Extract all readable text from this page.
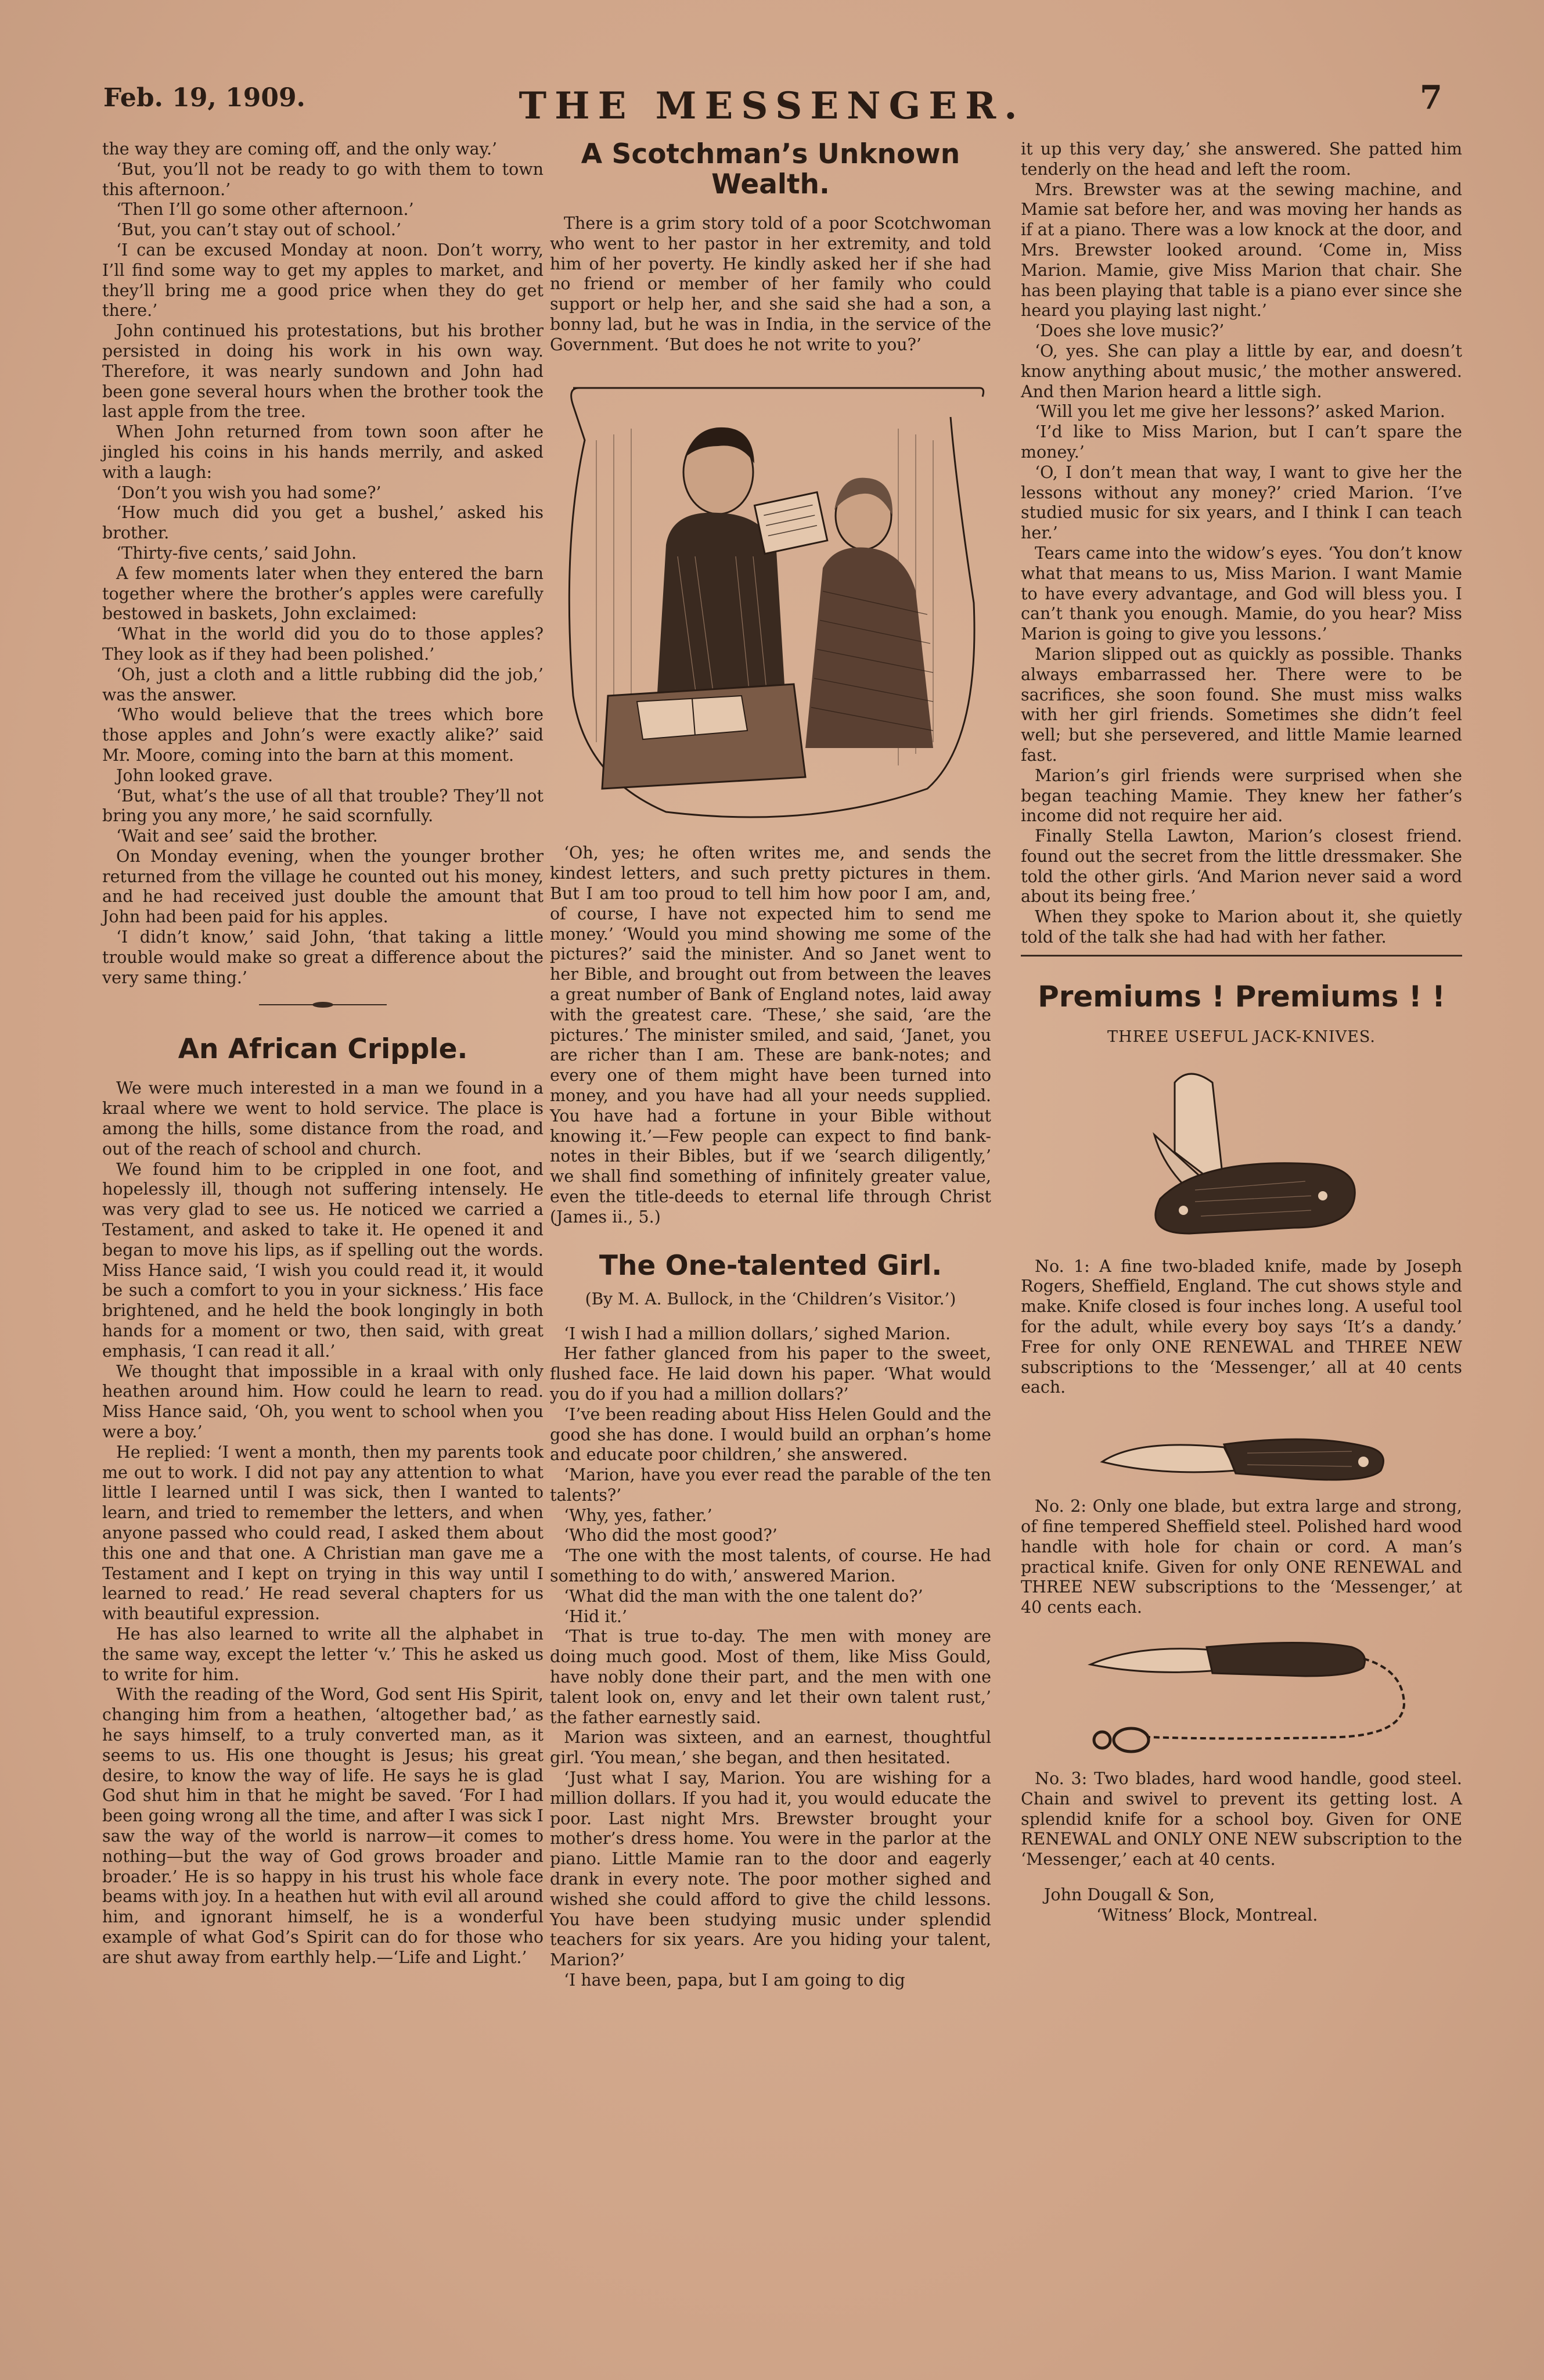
Feb. 19, 1909.	THE MESSENGER.	7

the way they are coming off, and the only way.’

‘But, you’ll not be ready to go with them to town this afternoon.’

‘Then I’ll go some other afternoon.’

‘But, you can’t stay out of school.’

‘I can be excused Monday at noon. Don’t worry, I’ll find some way to get my apples to market, and they’ll bring me a good price when they do get there.’

John continued his protestations, but his brother persisted in doing his work in his own way. Therefore, it was nearly sundown and John had been gone several hours when the brother took the last apple from the tree.

When John returned from town soon after he jingled his coins in his hands merrily, and asked with a laugh:

‘Don’t you wish you had some?’

‘How much did you get a bushel,’ asked his brother.

‘Thirty-five cents,’ said John.

A few moments later when they entered the barn together where the brother’s apples were carefully bestowed in baskets, John exclaimed:

‘What in the world did you do to those apples? They look as if they had been polished.’

‘Oh, just a cloth and a little rubbing did the job,’ was the answer.

‘Who would believe that the trees which bore those apples and John’s were exactly alike?’ said Mr. Moore, coming into the barn at this moment.

John looked grave.

‘But, what’s the use of all that trouble? They’ll not bring you any more,’ he said scornfully.

‘Wait and see’ said the brother.

On Monday evening, when the younger brother returned from the village he counted out his money, and he had received just double the amount that John had been paid for his apples.

‘I didn’t know,’ said John, ‘that taking a little trouble would make so great a difference about the very same thing.’

An African Cripple.

We were much interested in a man we found in a kraal where we went to hold service. The place is among the hills, some distance from the road, and out of the reach of school and church.

We found him to be crippled in one foot, and hopelessly ill, though not suffering intensely. He was very glad to see us. He noticed we carried a Testament, and asked to take it. He opened it and began to move his lips, as if spelling out the words. Miss Hance said, ‘I wish you could read it, it would be such a comfort to you in your sickness.’ His face brightened, and he held the book longingly in both hands for a moment or two, then said, with great emphasis, ‘I can read it all.’

We thought that impossible in a kraal with only heathen around him. How could he learn to read. Miss Hance said, ‘Oh, you went to school when you were a boy.’

He replied: ‘I went a month, then my parents took me out to work. I did not pay any attention to what little I learned until I was sick, then I wanted to learn, and tried to remember the letters, and when anyone passed who could read, I asked them about this one and that one. A Christian man gave me a Testament and I kept on trying in this way until I learned to read.’ He read several chapters for us with beautiful expression.

He has also learned to write all the alphabet in the same way, except the letter ‘v.’ This he asked us to write for him.

With the reading of the Word, God sent His Spirit, changing him from a heathen, ‘altogether bad,’ as he says himself, to a truly converted man, as it seems to us. His one thought is Jesus; his great desire, to know the way of life. He says he is glad God shut him in that he might be saved. ‘For I had been going wrong all the time, and after I was sick I saw the way of the world is narrow—it comes to nothing—but the way of God grows broader and broader.’ He is so happy in his trust his whole face beams with joy. In a heathen hut with evil all around him, and ignorant himself, he is a wonderful example of what God’s Spirit can do for those who are shut away from earthly help.—‘Life and Light.’

A Scotchman’s Unknown Wealth.

There is a grim story told of a poor Scotchwoman who went to her pastor in her extremity, and told him of her poverty. He kindly asked her if she had no friend or member of her family who could support or help her, and she said she had a son, a bonny lad, but he was in India, in the service of the Government. ‘But does he not write to you?’

‘Oh, yes; he often writes me, and sends the kindest letters, and such pretty pictures in them. But I am too proud to tell him how poor I am, and, of course, I have not expected him to send me money.’ ‘Would you mind showing me some of the pictures?’ said the minister. And so Janet went to her Bible, and brought out from between the leaves a great number of Bank of England notes, laid away with the greatest care. ‘These,’ she said, ‘are the pictures.’ The minister smiled, and said, ‘Janet, you are richer than I am. These are bank-notes; and every one of them might have been turned into money, and you have had all your needs supplied. You have had a fortune in your Bible without knowing it.’—Few people can expect to find bank-notes in their Bibles, but if we ‘search diligently,’ we shall find something of infinitely greater value, even the title-deeds to eternal life through Christ (James ii., 5.)

The One-talented Girl.
(By M. A. Bullock, in the ‘Children’s Visitor.’)

‘I wish I had a million dollars,’ sighed Marion.

Her father glanced from his paper to the sweet, flushed face. He laid down his paper. ‘What would you do if you had a million dollars?’

‘I’ve been reading about Hiss Helen Gould and the good she has done. I would build an orphan’s home and educate poor children,’ she answered.

‘Marion, have you ever read the parable of the ten talents?’

‘Why, yes, father.’

‘Who did the most good?’

‘The one with the most talents, of course. He had something to do with,’ answered Marion.

‘What did the man with the one talent do?’

‘Hid it.’

‘That is true to-day. The men with money are doing much good. Most of them, like Miss Gould, have nobly done their part, and the men with one talent look on, envy and let their own talent rust,’ the father earnestly said.

Marion was sixteen, and an earnest, thoughtful girl. ‘You mean,’ she began, and then hesitated.

‘Just what I say, Marion. You are wishing for a million dollars. If you had it, you would educate the poor. Last night Mrs. Brewster brought your mother’s dress home. You were in the parlor at the piano. Little Mamie ran to the door and eagerly drank in every note. The poor mother sighed and wished she could afford to give the child lessons. You have been studying music under splendid teachers for six years. Are you hiding your talent, Marion?’

‘I have been, papa, but I am going to dig

it up this very day,’ she answered. She patted him tenderly on the head and left the room.

Mrs. Brewster was at the sewing machine, and Mamie sat before her, and was moving her hands as if at a piano. There was a low knock at the door, and Mrs. Brewster looked around. ‘Come in, Miss Marion. Mamie, give Miss Marion that chair. She has been playing that table is a piano ever since she heard you playing last night.’

‘Does she love music?’

‘O, yes. She can play a little by ear, and doesn’t know anything about music,’ the mother answered. And then Marion heard a little sigh.

‘Will you let me give her lessons?’ asked Marion.

‘I’d like to Miss Marion, but I can’t spare the money.’

‘O, I don’t mean that way, I want to give her the lessons without any money?’ cried Marion. ‘I’ve studied music for six years, and I think I can teach her.’

Tears came into the widow’s eyes. ‘You don’t know what that means to us, Miss Marion. I want Mamie to have every advantage, and God will bless you. I can’t thank you enough. Mamie, do you hear? Miss Marion is going to give you lessons.’

Marion slipped out as quickly as possible. Thanks always embarrassed her. There were to be sacrifices, she soon found. She must miss walks with her girl friends. Sometimes she didn’t feel well; but she persevered, and little Mamie learned fast.

Marion’s girl friends were surprised when she began teaching Mamie. They knew her father’s income did not require her aid.

Finally Stella Lawton, Marion’s closest friend. found out the secret from the little dressmaker. She told the other girls. ‘And Marion never said a word about its being free.’

When they spoke to Marion about it, she quietly told of the talk she had had with her father.

Premiums ! Premiums ! !
THREE USEFUL JACK-KNIVES.

No. 1: A fine two-bladed knife, made by Joseph Rogers, Sheffield, England. The cut shows style and make. Knife closed is four inches long. A useful tool for the adult, while every boy says ‘It’s a dandy.’ Free for only ONE RENEWAL and THREE NEW subscriptions to the ‘Messenger,’ all at 40 cents each.

No. 2: Only one blade, but extra large and strong, of fine tempered Sheffield steel. Polished hard wood handle with hole for chain or cord. A man’s practical knife. Given for only ONE RENEWAL and THREE NEW subscriptions to the ‘Messenger,’ at 40 cents each.

No. 3: Two blades, hard wood handle, good steel. Chain and swivel to prevent its getting lost. A splendid knife for a school boy. Given for ONE RENEWAL and ONLY ONE NEW subscription to the ‘Messenger,’ each at 40 cents.

John Dougall & Son,

‘Witness’ Block, Montreal.
